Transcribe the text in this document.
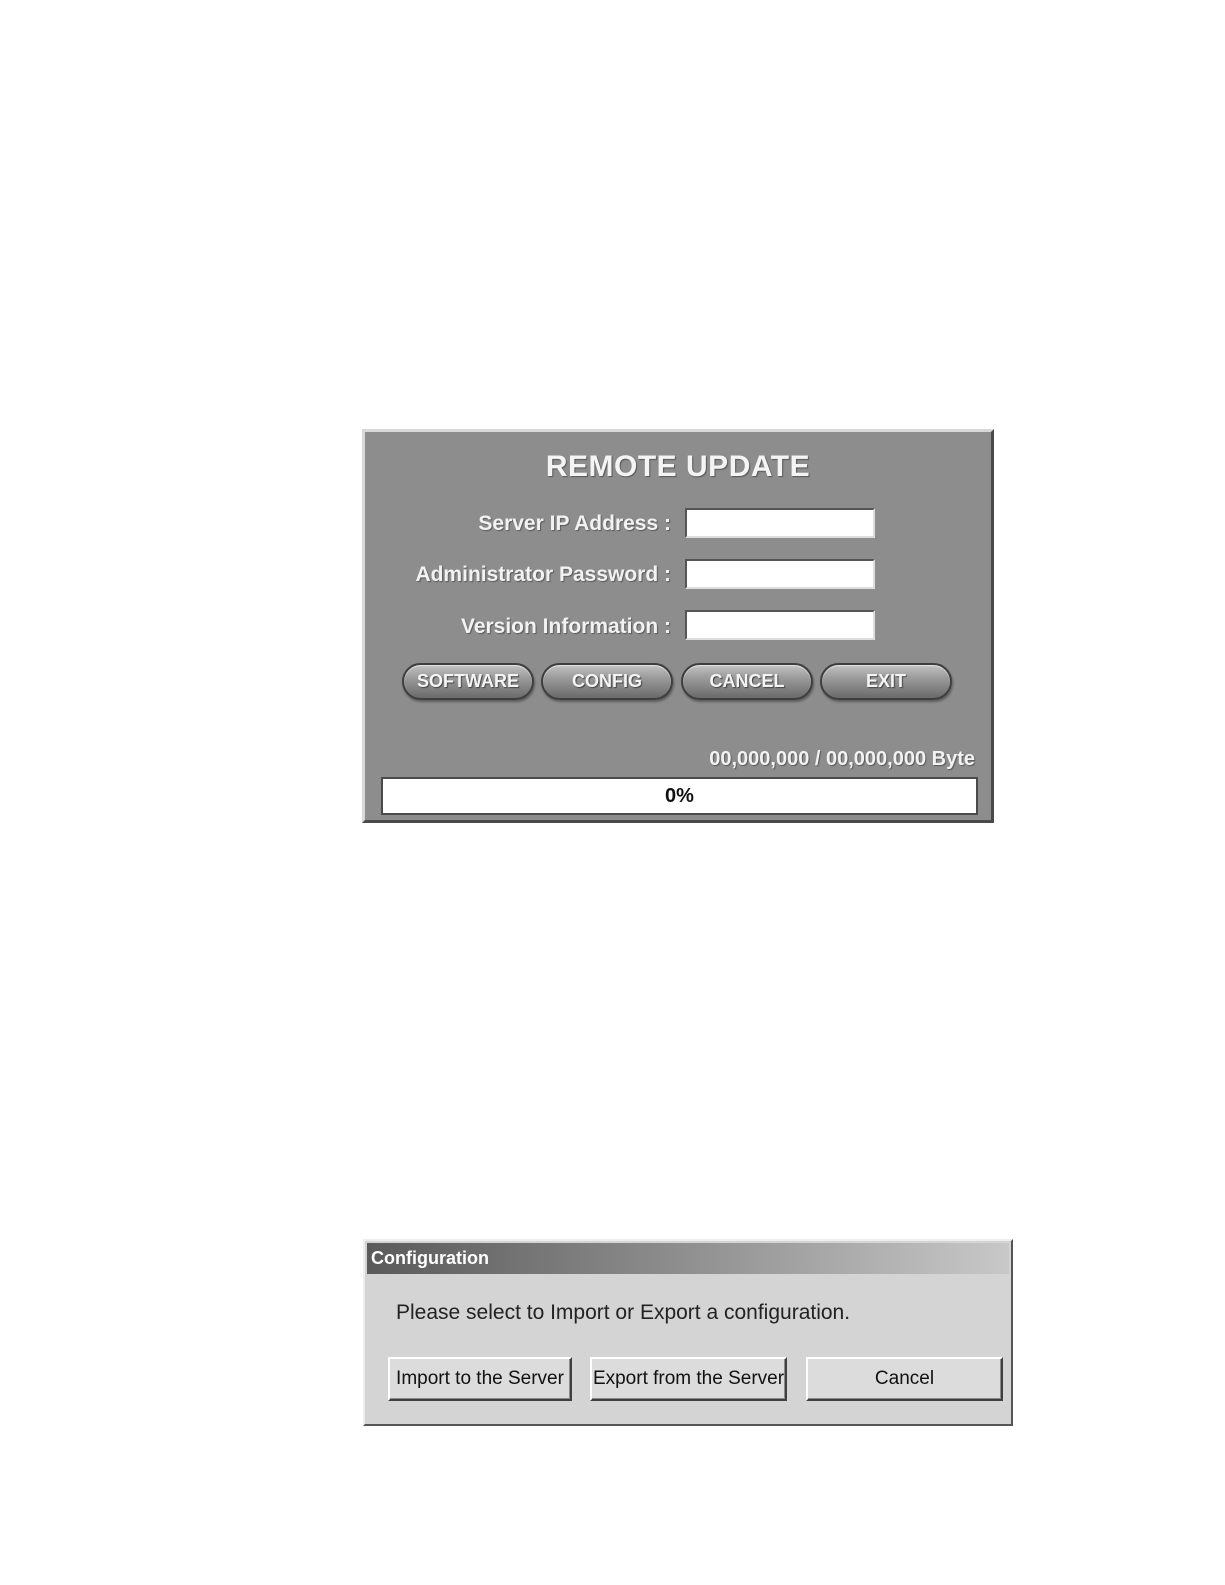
REMOTE UPDATE
Server IP Address :
Administrator Password :
Version Information :
SOFTWARE	CONFIG	CANCEL	EXIT
00,000,000 / 00,000,000 Byte
0%
Configuration
Please select to Import or Export a configuration.
Import to the Server	Export from the Server	Cancel
